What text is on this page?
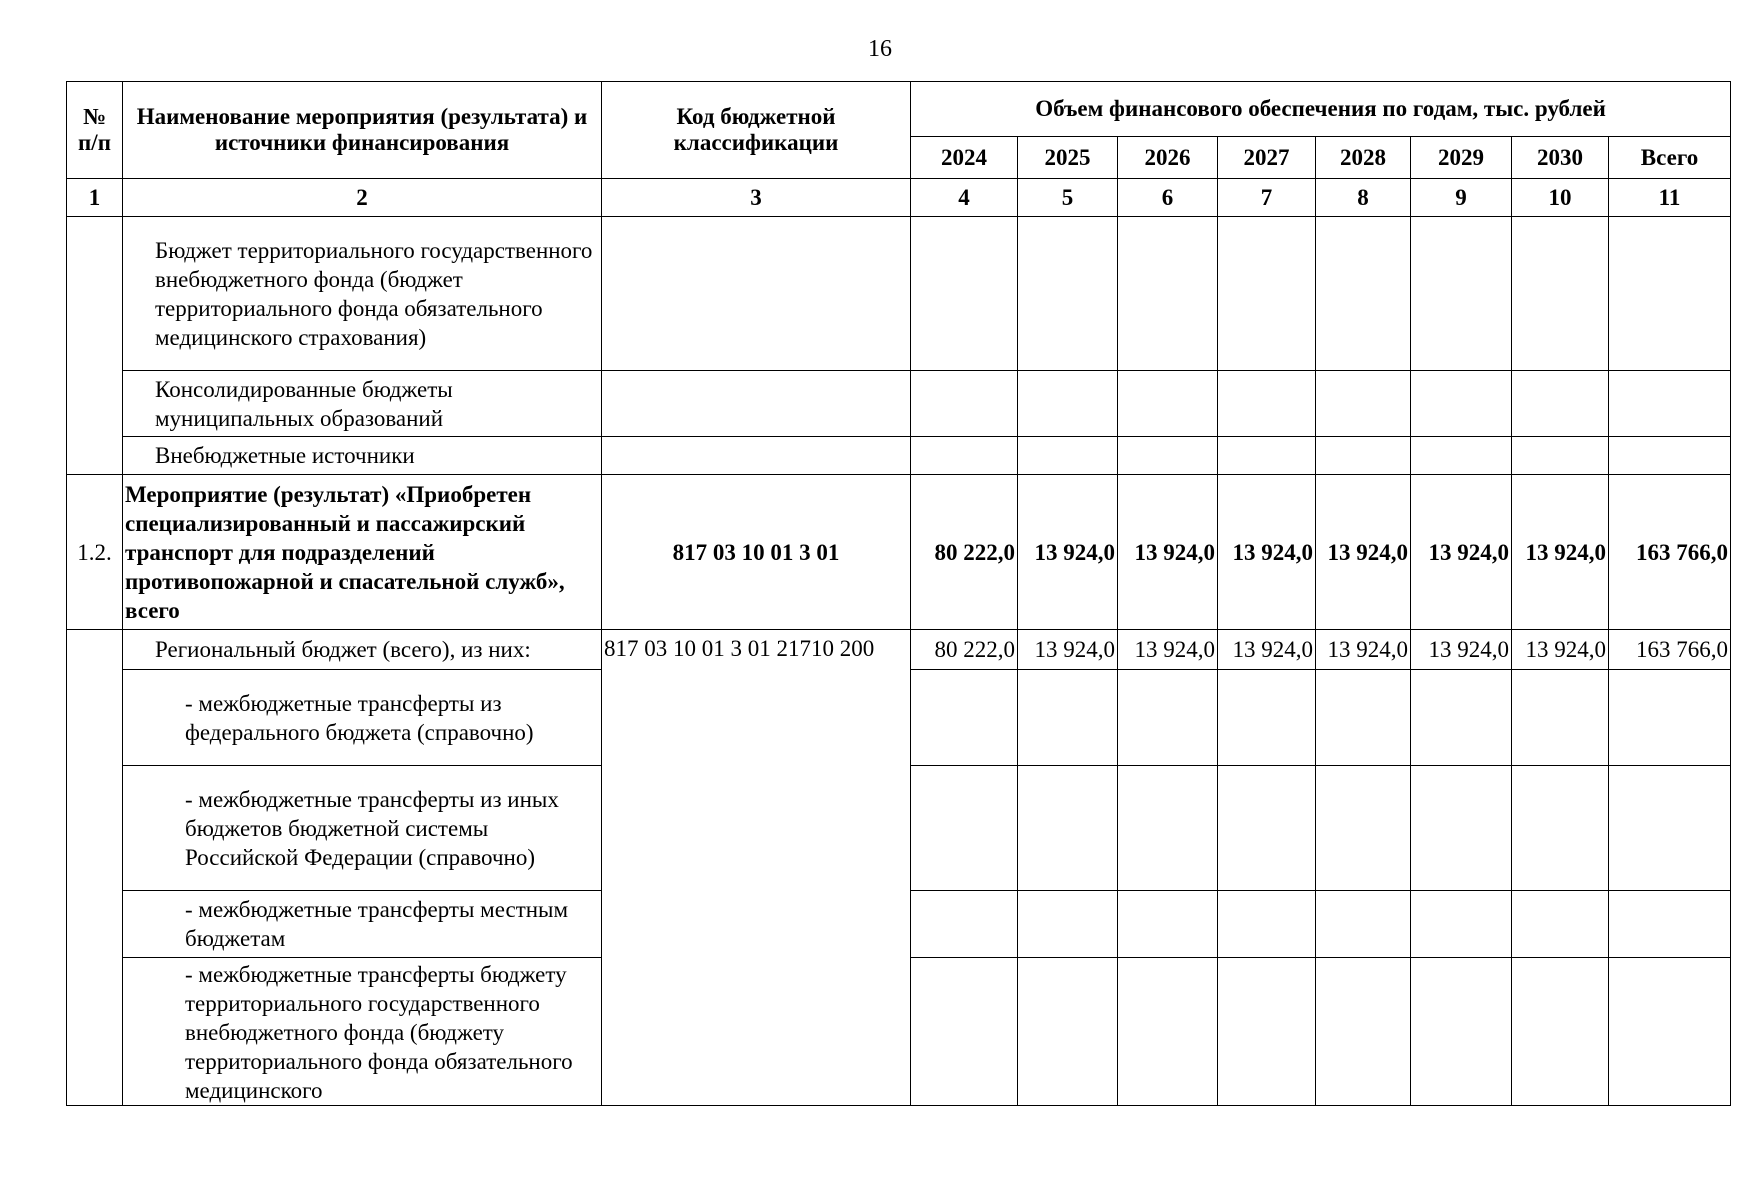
16
№ п/п	Наименование мероприятия (результата) и источники финансирования	Код бюджетной классификации	Объем финансового обеспечения по годам, тыс. рублей							
			2024	2025	2026	2027	2028	2029	2030	Всего
1	2	3	4	5	6	7	8	9	10	11
	Бюджет территориального государственного внебюджетного фонда (бюджет территориального фонда обязательного медицинского страхования)									
	Консолидированные бюджеты муниципальных образований									
	Внебюджетные источники									
1.2.	Мероприятие (результат) «Приобретен специализированный и пассажирский транспорт для подразделений противопожарной и спасательной служб», всего	817 03 10 01 3 01	80 222,0	13 924,0	13 924,0	13 924,0	13 924,0	13 924,0	13 924,0	163 766,0
	Региональный бюджет (всего), из них:	817 03 10 01 3 01 21710 200	80 222,0	13 924,0	13 924,0	13 924,0	13 924,0	13 924,0	13 924,0	163 766,0
	- межбюджетные трансферты из федерального бюджета (справочно)									
	- межбюджетные трансферты из иных бюджетов бюджетной системы Российской Федерации (справочно)									
	- межбюджетные трансферты местным бюджетам									
	- межбюджетные трансферты бюджету территориального государственного внебюджетного фонда (бюджету территориального фонда обязательного медицинского									
